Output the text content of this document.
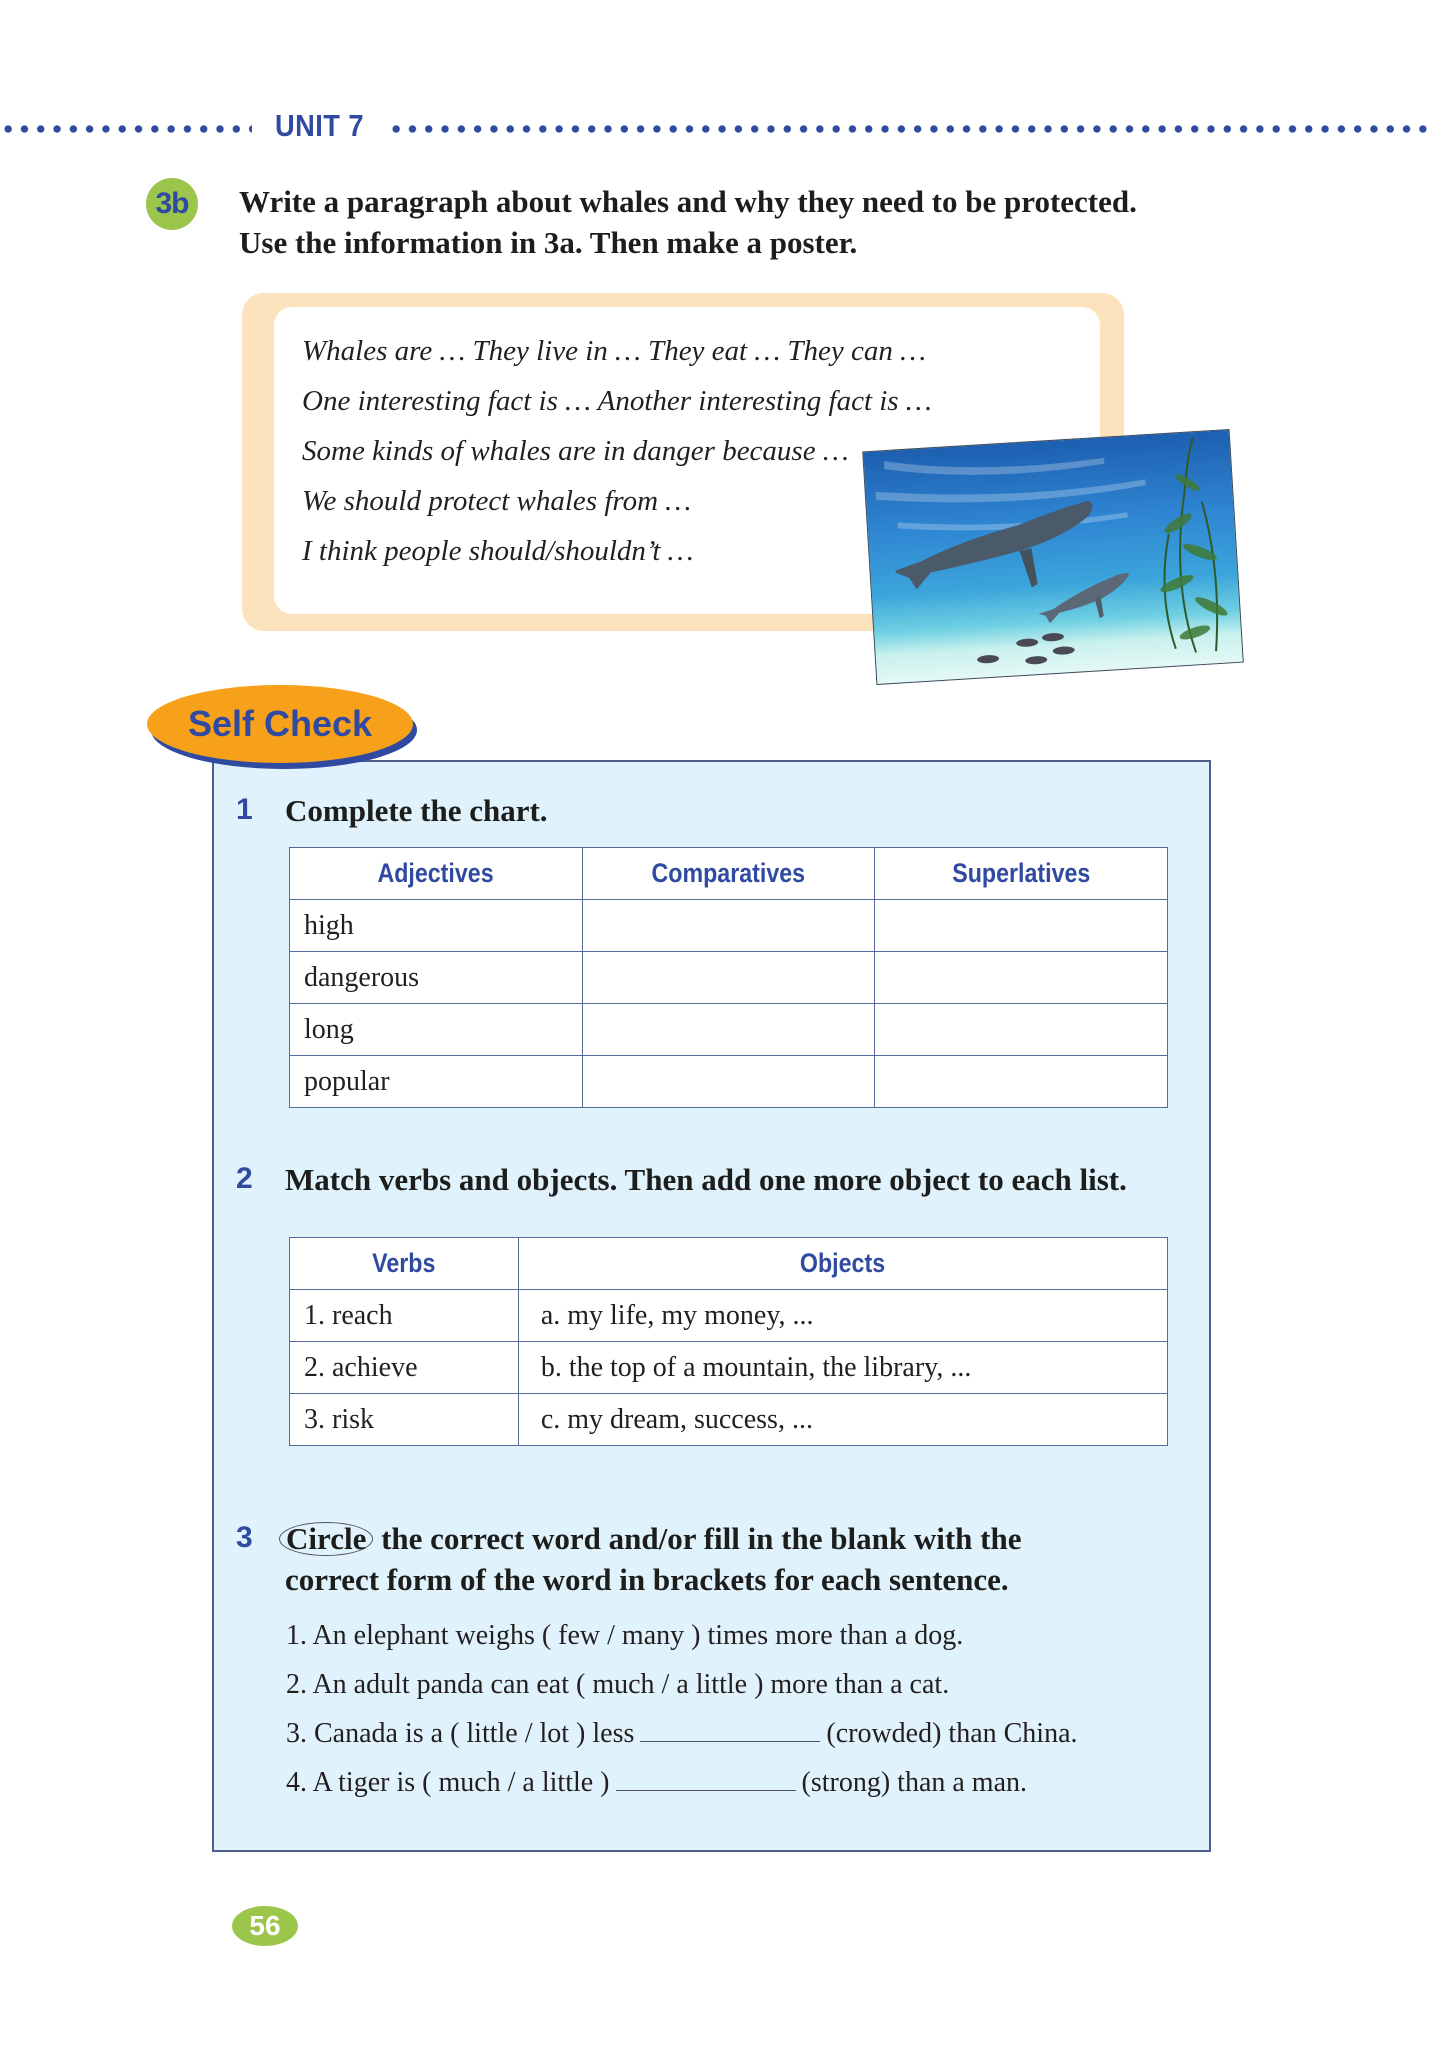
UNIT 7
3b	Write a paragraph about whales and why they need to be protected.
Use the information in 3a. Then make a poster.
Whales are … They live in … They eat … They can …
One interesting fact is … Another interesting fact is …
Some kinds of whales are in danger because …
We should protect whales from …
I think people should/shouldn’t …
Self Check
1 Complete the chart.
Adjectives	Comparatives	Superlatives
high		
dangerous		
long		
popular		
2 Match verbs and objects. Then add one more object to each list.
Verbs	Objects
1. reach	a. my life, my money, ...
2. achieve	b. the top of a mountain, the library, ...
3. risk	c. my dream, success, ...
3 Circle the correct word and/or fill in the blank with the
correct form of the word in brackets for each sentence.
1. An elephant weighs ( few / many ) times more than a dog.
2. An adult panda can eat ( much / a little ) more than a cat.
3. Canada is a ( little / lot ) less	(crowded) than China.
4. A tiger is ( much / a little )	(strong) than a man.
56
